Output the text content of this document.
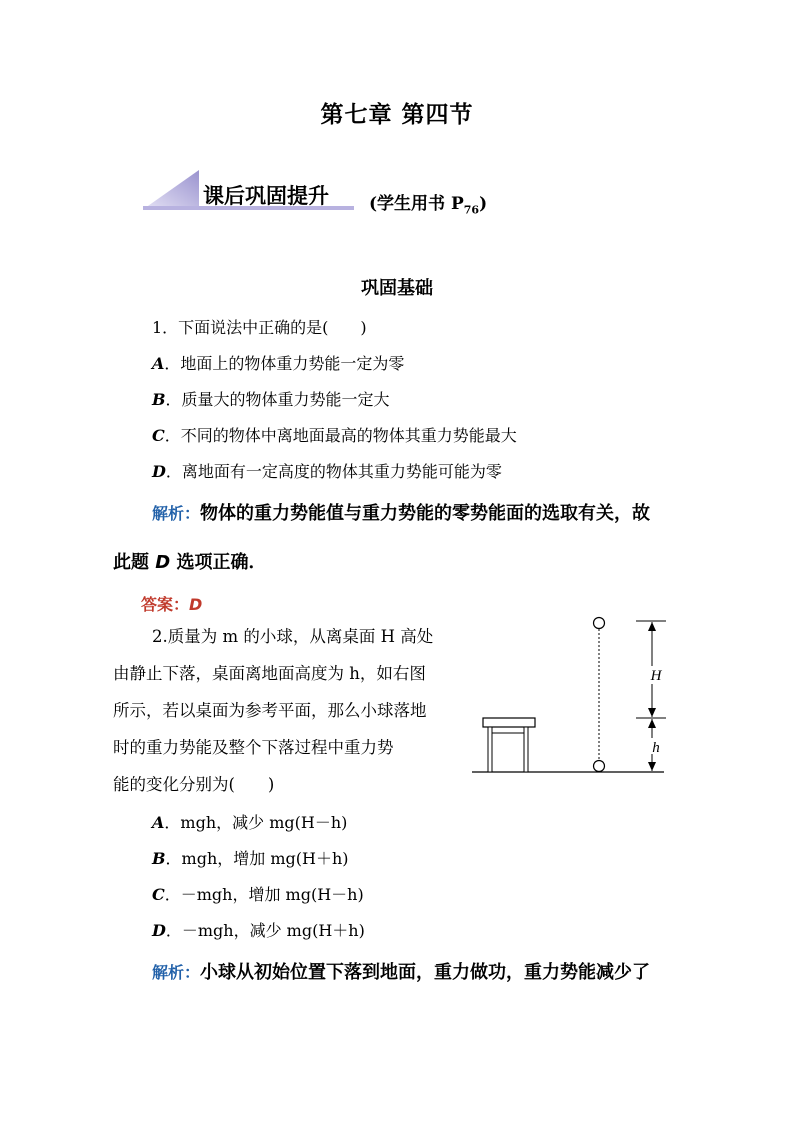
第七章 第四节
课后巩固提升 (学生用书 $P_{76}$)
巩固基础
1．下面说法中正确的是(　　)
A．地面上的物体重力势能一定为零
B．质量大的物体重力势能一定大
C．不同的物体中离地面最高的物体其重力势能最大
D．离地面有一定高度的物体其重力势能可能为零
解析：物体的重力势能值与重力势能的零势能面的选取有关，故
此题 D 选项正确．
答案：D
2.质量为 m 的小球，从离桌面 H 高处
由静止下落，桌面离地面高度为 h，如右图
所示，若以桌面为参考平面，那么小球落地
时的重力势能及整个下落过程中重力势
能的变化分别为(　　)
A．mgh，减少 mg(H－h)
B．mgh，增加 mg(H＋h)
C．－mgh，增加 mg(H－h)
D．－mgh，减少 mg(H＋h)
解析：小球从初始位置下落到地面，重力做功，重力势能减少了
H
h
